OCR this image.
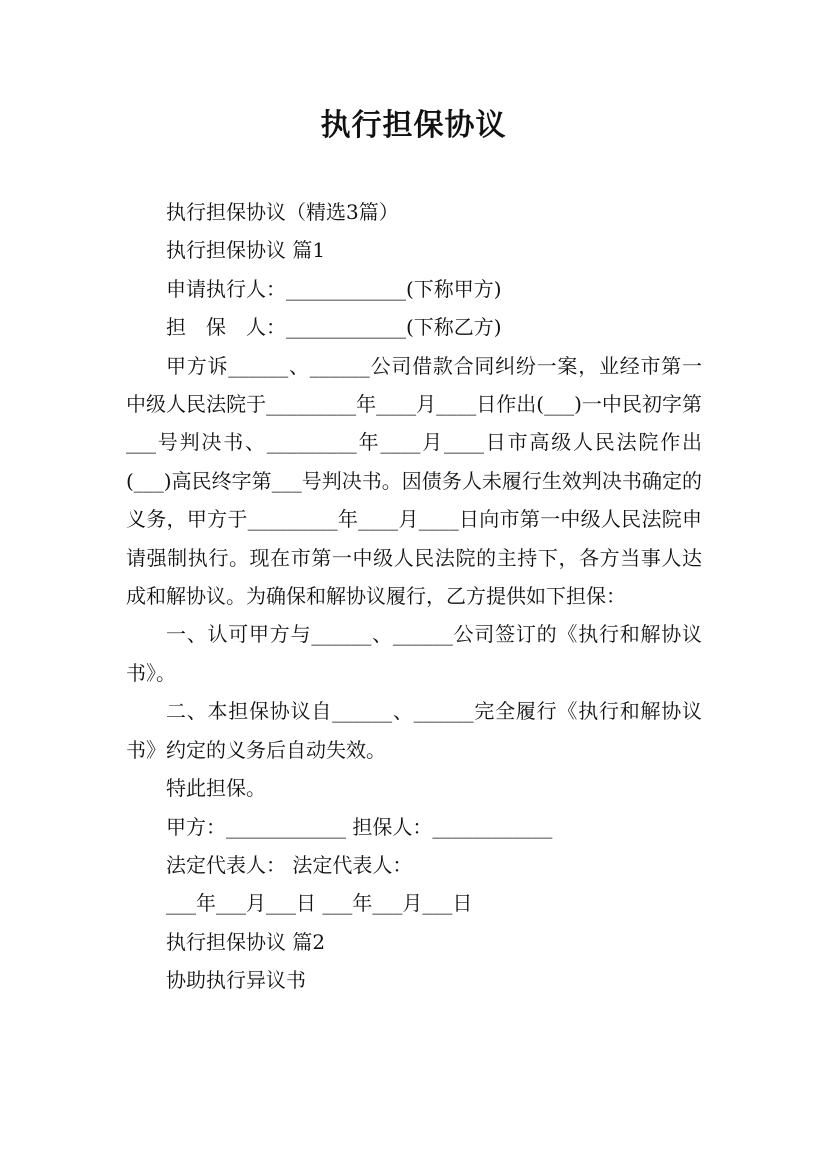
执行担保协议

执行担保协议（精选3篇）

执行担保协议 篇1

申请执行人：____________(下称甲方)

担　保　人：____________(下称乙方)

甲方诉______、______公司借款合同纠纷一案，业经市第一中级人民法院于_________年____月____日作出(___)一中民初字第___号判决书、_________年____月____日市高级人民法院作出(___)高民终字第___号判决书。因债务人未履行生效判决书确定的义务，甲方于_________年____月____日向市第一中级人民法院申请强制执行。现在市第一中级人民法院的主持下，各方当事人达成和解协议。为确保和解协议履行，乙方提供如下担保：

一、认可甲方与______、______公司签订的《执行和解协议书》。

二、本担保协议自______、______完全履行《执行和解协议书》约定的义务后自动失效。

特此担保。

甲方：____________ 担保人：____________

法定代表人： 法定代表人：

___年___月___日 ___年___月___日

执行担保协议 篇2

协助执行异议书
